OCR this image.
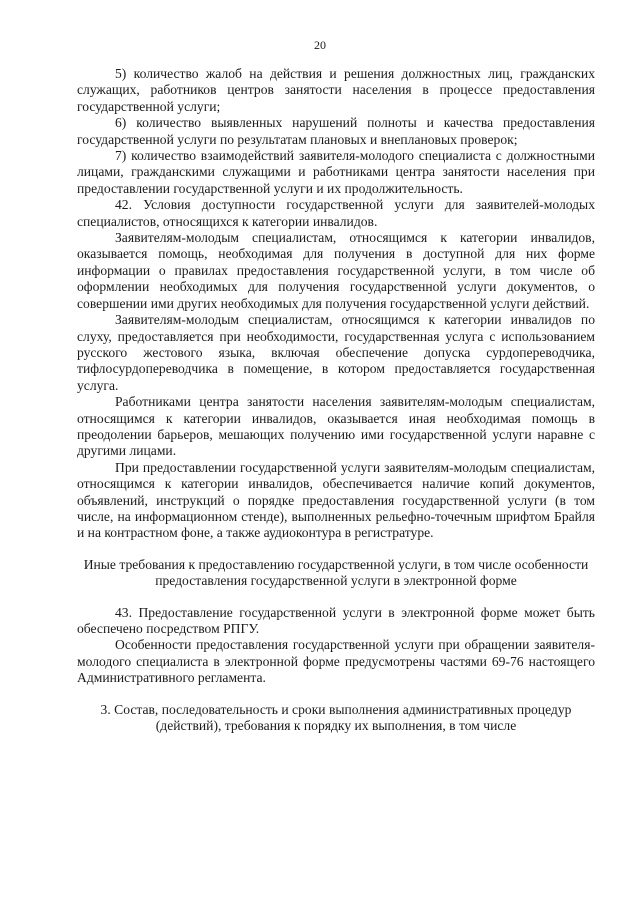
20

5) количество жалоб на действия и решения должностных лиц, гражданских служащих, работников центров занятости населения в процессе предоставления государственной услуги;

6) количество выявленных нарушений полноты и качества предоставления государственной услуги по результатам плановых и внеплановых проверок;

7) количество взаимодействий заявителя-молодого специалиста с должностными лицами, гражданскими служащими и работниками центра занятости населения при предоставлении государственной услуги и их продолжительность.

42. Условия доступности государственной услуги для заявителей-молодых специалистов, относящихся к категории инвалидов.

Заявителям-молодым специалистам, относящимся к категории инвалидов, оказывается помощь, необходимая для получения в доступной для них форме информации о правилах предоставления государственной услуги, в том числе об оформлении необходимых для получения государственной услуги документов, о совершении ими других необходимых для получения государственной услуги действий.

Заявителям-молодым специалистам, относящимся к категории инвалидов по слуху, предоставляется при необходимости, государственная услуга с использованием русского жестового языка, включая обеспечение допуска сурдопереводчика, тифлосурдопереводчика в помещение, в котором предоставляется государственная услуга.

Работниками центра занятости населения заявителям-молодым специалистам, относящимся к категории инвалидов, оказывается иная необходимая помощь в преодолении барьеров, мешающих получению ими государственной услуги наравне с другими лицами.

При предоставлении государственной услуги заявителям-молодым специалистам, относящимся к категории инвалидов, обеспечивается наличие копий документов, объявлений, инструкций о порядке предоставления государственной услуги (в том числе, на информационном стенде), выполненных рельефно-точечным шрифтом Брайля и на контрастном фоне, а также аудиоконтура в регистратуре.

Иные требования к предоставлению государственной услуги, в том числе особенности предоставления государственной услуги в электронной форме

43. Предоставление государственной услуги в электронной форме может быть обеспечено посредством РПГУ.

Особенности предоставления государственной услуги при обращении заявителя-молодого специалиста в электронной форме предусмотрены частями 69-76 настоящего Административного регламента.

3. Состав, последовательность и сроки выполнения административных процедур (действий), требования к порядку их выполнения, в том числе
